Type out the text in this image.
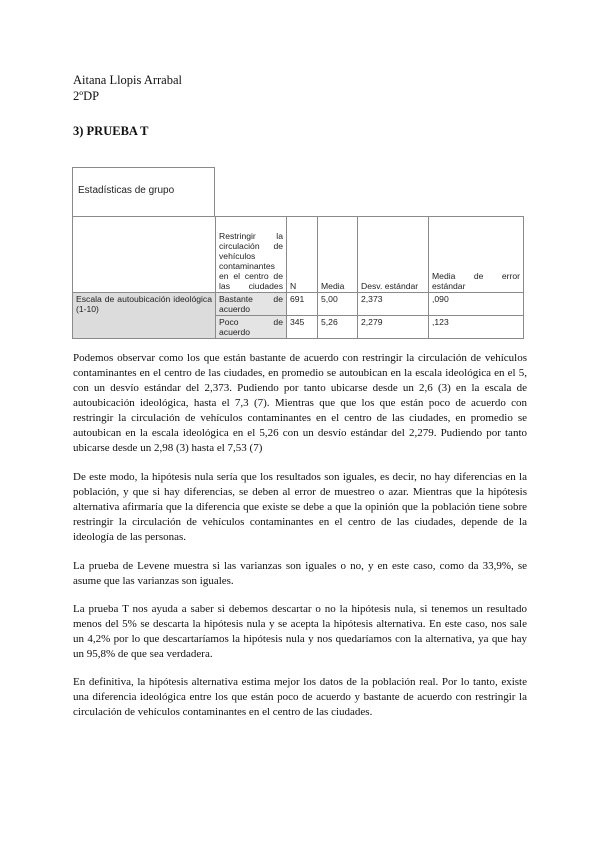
Aitana Llopis Arrabal
2ºDP
3) PRUEBA T
Estadísticas de grupo
	Restringir la circulación de vehículos contaminantes en el centro de las ciudades	N	Media	Desv. estándar	Media de error estándar
Escala de autoubicación ideológica (1-10)	Bastante de acuerdo	691	5,00	2,373	,090
	Poco de acuerdo	345	5,26	2,279	,123

Podemos observar como los que están bastante de acuerdo con restringir la circulación de vehículos contaminantes en el centro de las ciudades, en promedio se autoubican en la escala ideológica en el 5, con un desvío estándar del 2,373. Pudiendo por tanto ubicarse desde un 2,6 (3) en la escala de autoubicación ideológica, hasta el 7,3 (7). Mientras que que los que están poco de acuerdo con restringir la circulación de vehículos contaminantes en el centro de las ciudades, en promedio se autoubican en la escala ideológica en el 5,26 con un desvío estándar del 2,279. Pudiendo por tanto ubicarse desde un 2,98 (3) hasta el 7,53 (7)

De este modo, la hipótesis nula sería que los resultados son iguales, es decir, no hay diferencias en la población, y que si hay diferencias, se deben al error de muestreo o azar. Mientras que la hipótesis alternativa afirmaría que la diferencia que existe se debe a que la opinión que la población tiene sobre restringir la circulación de vehículos contaminantes en el centro de las ciudades, depende de la ideología de las personas.

La prueba de Levene muestra si las varianzas son iguales o no, y en este caso, como da 33,9%, se asume que las varianzas son iguales.

La prueba T nos ayuda a saber si debemos descartar o no la hipótesis nula, si tenemos un resultado menos del 5% se descarta la hipótesis nula y se acepta la hipótesis alternativa. En este caso, nos sale un 4,2% por lo que descartaríamos la hipótesis nula y nos quedaríamos con la alternativa, ya que hay un 95,8% de que sea verdadera.

En definitiva, la hipótesis alternativa estima mejor los datos de la población real. Por lo tanto, existe una diferencia ideológica entre los que están poco de acuerdo y bastante de acuerdo con restringir la circulación de vehículos contaminantes en el centro de las ciudades.
